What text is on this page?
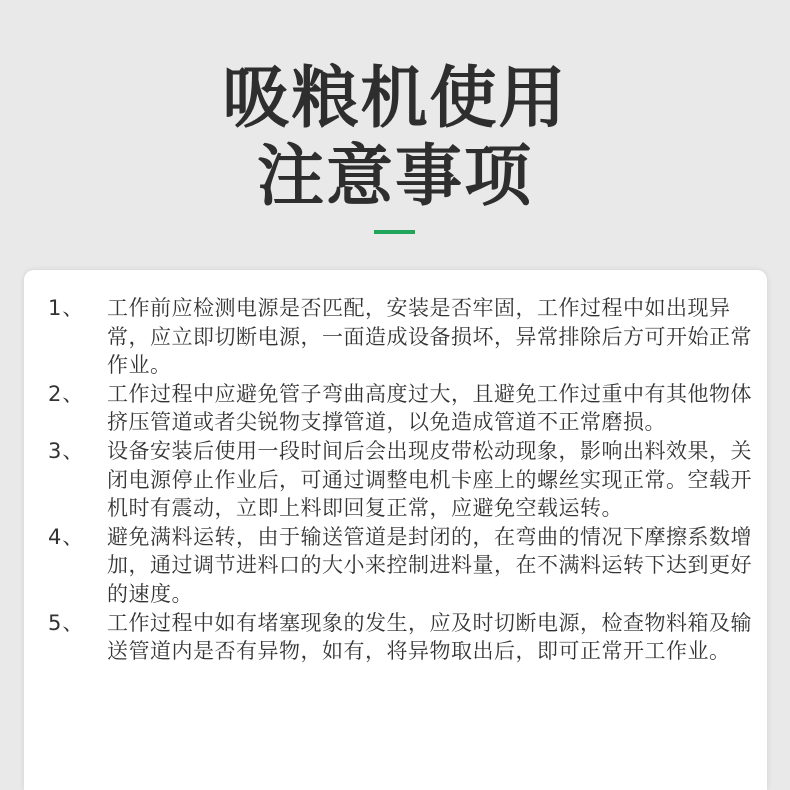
吸粮机使用
注意事项
1、	工作前应检测电源是否匹配，安装是否牢固，工作过程中如出现异常，应立即切断电源，一面造成设备损坏，异常排除后方可开始正常作业。
2、	工作过程中应避免管子弯曲高度过大，且避免工作过重中有其他物体挤压管道或者尖锐物支撑管道，以免造成管道不正常磨损。
3、	设备安装后使用一段时间后会出现皮带松动现象，影响出料效果，关闭电源停止作业后，可通过调整电机卡座上的螺丝实现正常。空载开机时有震动，立即上料即回复正常，应避免空载运转。
4、	避免满料运转，由于输送管道是封闭的，在弯曲的情况下摩擦系数增加，通过调节进料口的大小来控制进料量，在不满料运转下达到更好的速度。
5、	工作过程中如有堵塞现象的发生，应及时切断电源，检查物料箱及输送管道内是否有异物，如有，将异物取出后，即可正常开工作业。
